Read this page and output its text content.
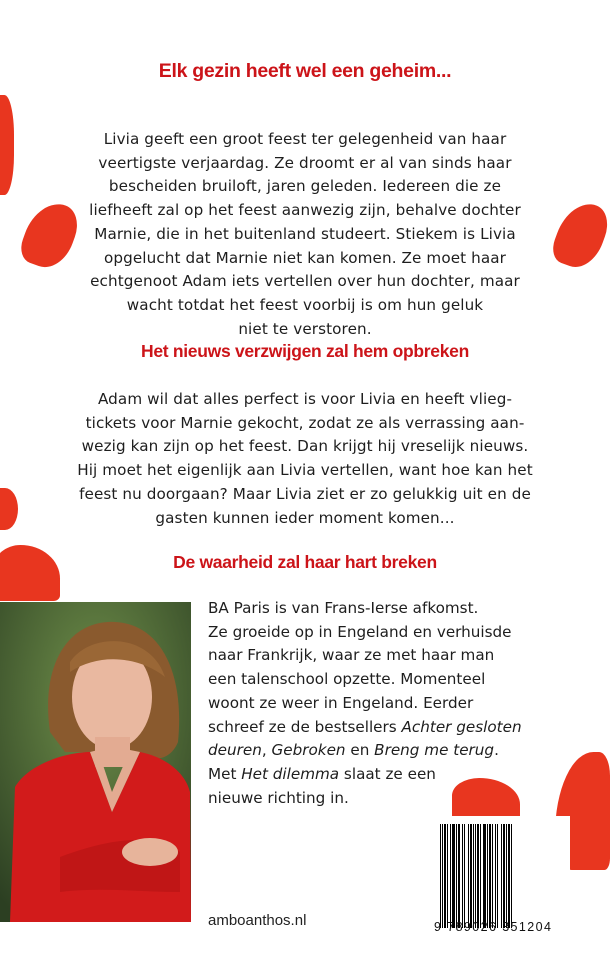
Elk gezin heeft wel een geheim...
Livia geeft een groot feest ter gelegenheid van haar
veertigste verjaardag. Ze droomt er al van sinds haar
bescheiden bruiloft, jaren geleden. Iedereen die ze
liefheeft zal op het feest aanwezig zijn, behalve dochter
Marnie, die in het buitenland studeert. Stiekem is Livia
opgelucht dat Marnie niet kan komen. Ze moet haar
echtgenoot Adam iets vertellen over hun dochter, maar
wacht totdat het feest voorbij is om hun geluk
niet te verstoren.
Het nieuws verzwijgen zal hem opbreken
Adam wil dat alles perfect is voor Livia en heeft vlieg-
tickets voor Marnie gekocht, zodat ze als verrassing aan-
wezig kan zijn op het feest. Dan krijgt hij vreselijk nieuws.
Hij moet het eigenlijk aan Livia vertellen, want hoe kan het
feest nu doorgaan? Maar Livia ziet er zo gelukkig uit en de
gasten kunnen ieder moment komen...
De waarheid zal haar hart breken
BA Paris is van Frans-Ierse afkomst.
Ze groeide op in Engeland en verhuisde
naar Frankrijk, waar ze met haar man
een talenschool opzette. Momenteel
woont ze weer in Engeland. Eerder
schreef ze de bestsellers Achter gesloten
deuren, Gebroken en Breng me terug.
Met Het dilemma slaat ze een
nieuwe richting in.
amboanthos.nl	9 789026 351204
